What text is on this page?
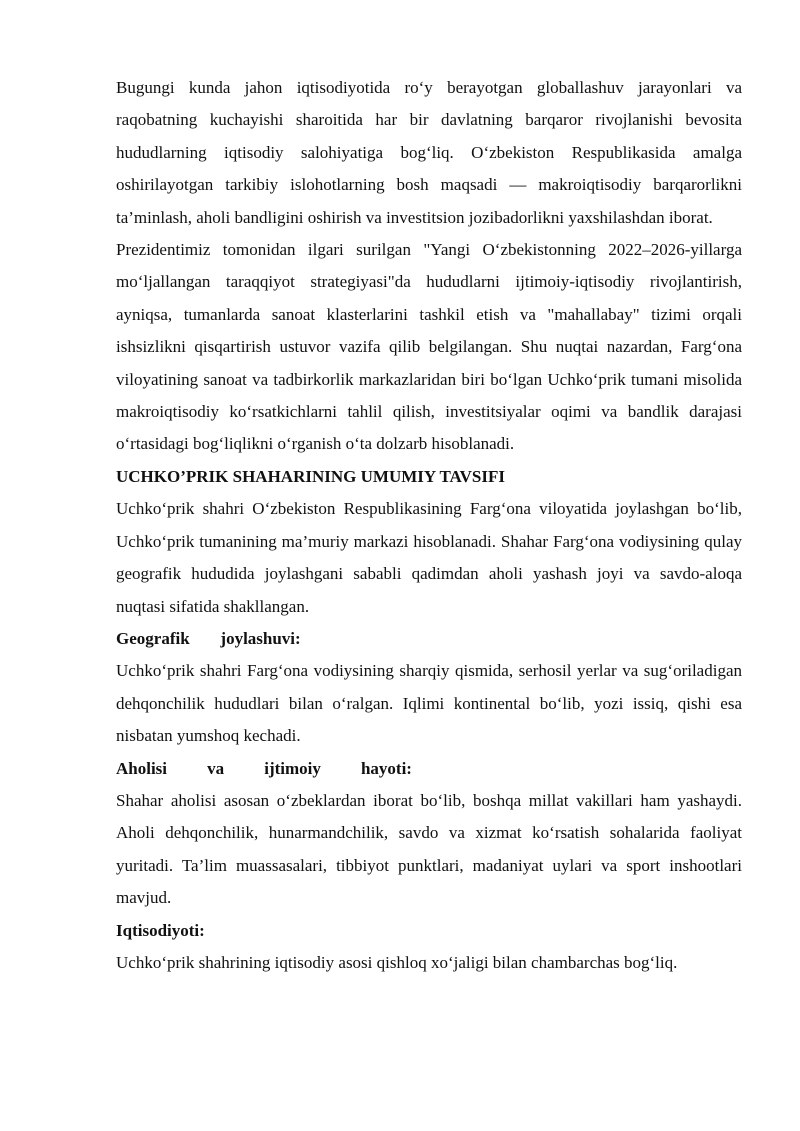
Bugungi kunda jahon iqtisodiyotida ro‘y berayotgan globallashuv jarayonlari va raqobatning kuchayishi sharoitida har bir davlatning barqaror rivojlanishi bevosita hududlarning iqtisodiy salohiyatiga bog‘liq. O‘zbekiston Respublikasida amalga oshirilayotgan tarkibiy islohotlarning bosh maqsadi — makroiqtisodiy barqarorlikni ta’minlash, aholi bandligini oshirish va investitsion jozibadorlikni yaxshilashdan iborat.

Prezidentimiz tomonidan ilgari surilgan "Yangi O‘zbekistonning 2022–2026-yillarga mo‘ljallangan taraqqiyot strategiyasi"da hududlarni ijtimoiy-iqtisodiy rivojlantirish, ayniqsa, tumanlarda sanoat klasterlarini tashkil etish va "mahallabay" tizimi orqali ishsizlikni qisqartirish ustuvor vazifa qilib belgilangan. Shu nuqtai nazardan, Farg‘ona viloyatining sanoat va tadbirkorlik markazlaridan biri bo‘lgan Uchko‘prik tumani misolida makroiqtisodiy ko‘rsatkichlarni tahlil qilish, investitsiyalar oqimi va bandlik darajasi o‘rtasidagi bog‘liqlikni o‘rganish o‘ta dolzarb hisoblanadi.

UCHKO’PRIK SHAHARINING UMUMIY TAVSIFI

Uchko‘prik shahri O‘zbekiston Respublikasining Farg‘ona viloyatida joylashgan bo‘lib, Uchko‘prik tumanining ma’muriy markazi hisoblanadi. Shahar Farg‘ona vodiysining qulay geografik hududida joylashgani sababli qadimdan aholi yashash joyi va savdo-aloqa nuqtasi sifatida shakllangan.

Geografik   joylashuvi:

Uchko‘prik shahri Farg‘ona vodiysining sharqiy qismida, serhosil yerlar va sug‘oriladigan dehqonchilik hududlari bilan o‘ralgan. Iqlimi kontinental bo‘lib, yozi issiq, qishi esa nisbatan yumshoq kechadi.

Aholisi va ijtimoiy hayoti:

Shahar aholisi asosan o‘zbeklardan iborat bo‘lib, boshqa millat vakillari ham yashaydi. Aholi dehqonchilik, hunarmandchilik, savdo va xizmat ko‘rsatish sohalarida faoliyat yuritadi. Ta’lim muassasalari, tibbiyot punktlari, madaniyat uylari va sport inshootlari mavjud.

Iqtisodiyoti:

Uchko‘prik shahrining iqtisodiy asosi qishloq xo‘jaligi bilan chambarchas bog‘liq.
